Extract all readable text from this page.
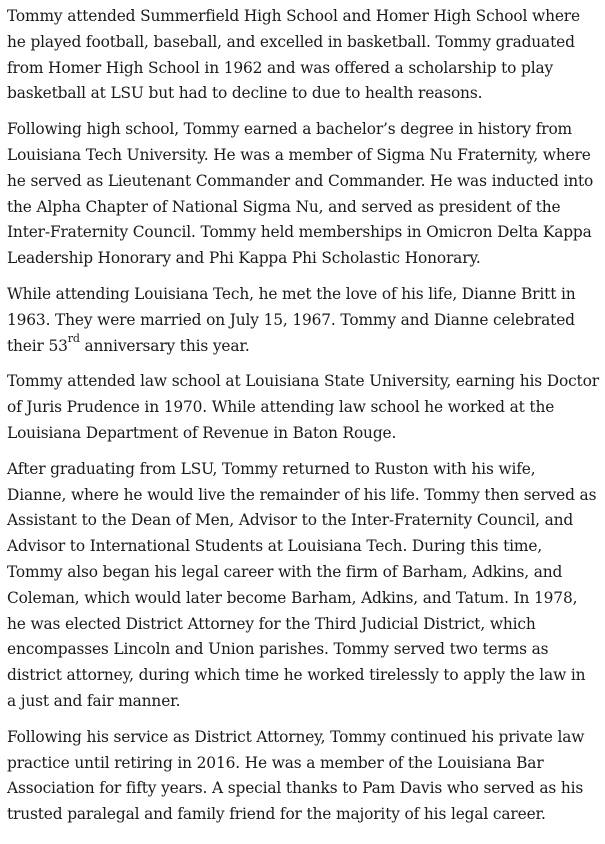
Tommy attended Summerfield High School and Homer High School where he played football, baseball, and excelled in basketball. Tommy graduated from Homer High School in 1962 and was offered a scholarship to play basketball at LSU but had to decline to due to health reasons.

Following high school, Tommy earned a bachelor’s degree in history from Louisiana Tech University. He was a member of Sigma Nu Fraternity, where he served as Lieutenant Commander and Commander. He was inducted into the Alpha Chapter of National Sigma Nu, and served as president of the Inter-Fraternity Council. Tommy held memberships in Omicron Delta Kappa Leadership Honorary and Phi Kappa Phi Scholastic Honorary.

While attending Louisiana Tech, he met the love of his life, Dianne Britt in 1963. They were married on July 15, 1967. Tommy and Dianne celebrated their 53rd anniversary this year.

Tommy attended law school at Louisiana State University, earning his Doctor of Juris Prudence in 1970. While attending law school he worked at the Louisiana Department of Revenue in Baton Rouge.

After graduating from LSU, Tommy returned to Ruston with his wife, Dianne, where he would live the remainder of his life. Tommy then served as Assistant to the Dean of Men, Advisor to the Inter-Fraternity Council, and Advisor to International Students at Louisiana Tech. During this time, Tommy also began his legal career with the firm of Barham, Adkins, and Coleman, which would later become Barham, Adkins, and Tatum. In 1978, he was elected District Attorney for the Third Judicial District, which encompasses Lincoln and Union parishes. Tommy served two terms as district attorney, during which time he worked tirelessly to apply the law in a just and fair manner.

Following his service as District Attorney, Tommy continued his private law practice until retiring in 2016. He was a member of the Louisiana Bar Association for fifty years. A special thanks to Pam Davis who served as his trusted paralegal and family friend for the majority of his legal career.
